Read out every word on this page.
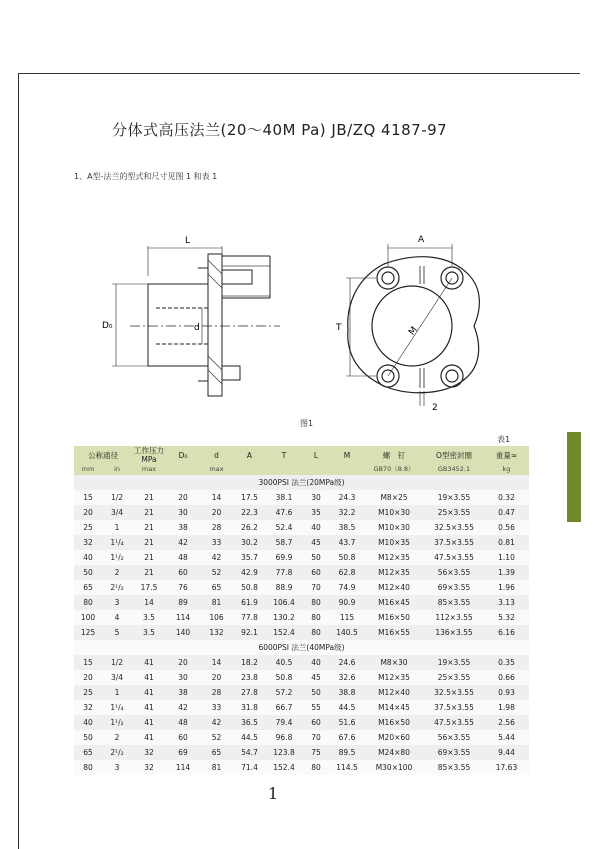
分体式高压法兰(20～40M Pa) JB/ZQ 4187-97
1、A型-法兰的型式和尺寸见图 1 和表 1
L
D₀	d
A
T	M
2
图1
表1
公称通径		工作压力 MPa	D₀	d	A	T	L	M	螺　钉	O型密封圈	重量≈
mm	in	max		max					GB70（8.8）	GB3452.1	kg
3000PSI 法兰(20MPa级)											
15	1/2	21	20	14	17.5	38.1	30	24.3	M8×25	19×3.55	0.32
20	3/4	21	30	20	22.3	47.6	35	32.2	M10×30	25×3.55	0.47
25	1	21	38	28	26.2	52.4	40	38.5	M10×30	32.5×3.55	0.56
32	1¹/₄	21	42	33	30.2	58.7	45	43.7	M10×35	37.5×3.55	0.81
40	1¹/₂	21	48	42	35.7	69.9	50	50.8	M12×35	47.5×3.55	1.10
50	2	21	60	52	42.9	77.8	60	62.8	M12×35	56×3.55	1.39
65	2¹/₂	17.5	76	65	50.8	88.9	70	74.9	M12×40	69×3.55	1.96
80	3	14	89	81	61.9	106.4	80	90.9	M16×45	85×3.55	3.13
100	4	3.5	114	106	77.8	130.2	80	115	M16×50	112×3.55	5.32
125	5	3.5	140	132	92.1	152.4	80	140.5	M16×55	136×3.55	6.16
6000PSI 法兰(40MPa级)											
15	1/2	41	20	14	18.2	40.5	40	24.6	M8×30	19×3.55	0.35
20	3/4	41	30	20	23.8	50.8	45	32.6	M12×35	25×3.55	0.66
25	1	41	38	28	27.8	57.2	50	38.8	M12×40	32.5×3.55	0.93
32	1¹/₄	41	42	33	31.8	66.7	55	44.5	M14×45	37.5×3.55	1.98
40	1¹/₂	41	48	42	36.5	79.4	60	51.6	M16×50	47.5×3.55	2.56
50	2	41	60	52	44.5	96.8	70	67.6	M20×60	56×3.55	5.44
65	2¹/₂	32	69	65	54.7	123.8	75	89.5	M24×80	69×3.55	9.44
80	3	32	114	81	71.4	152.4	80	114.5	M30×100	85×3.55	17.63
1
